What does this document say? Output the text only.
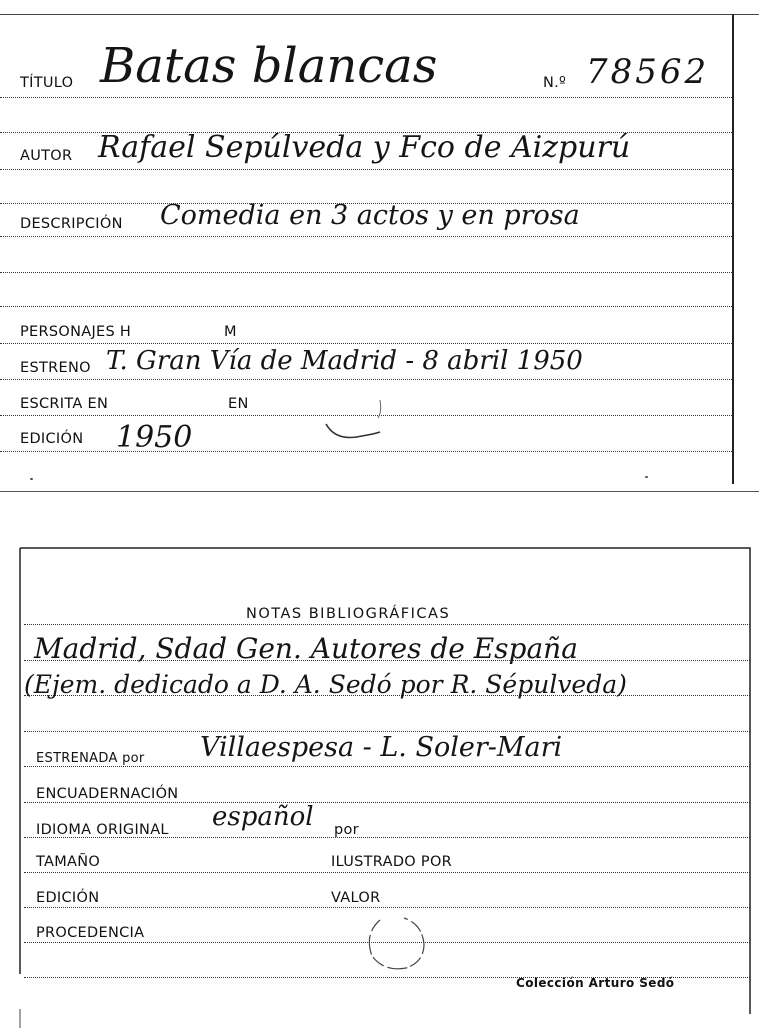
TÍTULO Batas blancas	N.º 78562
AUTOR Rafael Sepúlveda y Fco de Aizpurú
DESCRIPCIÓN Comedia en 3 actos y en prosa
PERSONAJES H	M
ESTRENO T. Gran Vía de Madrid - 8 abril 1950
ESCRITA EN	EN
EDICIÓN 1950
NOTAS BIBLIOGRÁFICAS
Madrid, Sdad Gen. Autores de España
(Ejem. dedicado a D. A. Sedó por R. Sépulveda)
ESTRENADA por Villaespesa - L. Soler-Mari
ENCUADERNACIÓN
IDIOMA ORIGINAL español por
TAMAÑO	ILUSTRADO POR
EDICIÓN	VALOR
PROCEDENCIA
Colección Arturo Sedó
